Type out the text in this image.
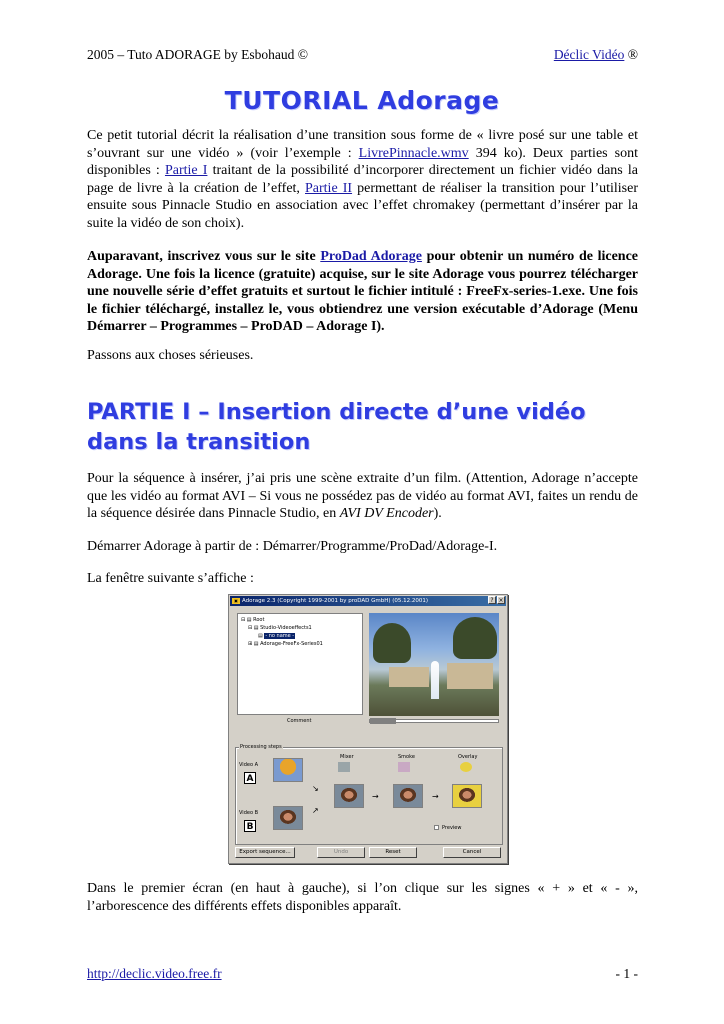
2005 – Tuto ADORAGE by Esbohaud ©	Déclic Vidéo ®
TUTORIAL Adorage
Ce petit tutorial décrit la réalisation d’une transition sous forme de « livre posé sur une table et s’ouvrant sur une vidéo » (voir l’exemple : LivrePinnacle.wmv 394 ko). Deux parties sont disponibles : Partie I traitant de la possibilité d’incorporer directement un fichier vidéo dans la page de livre à la création de l’effet, Partie II permettant de réaliser la transition pour l’utiliser ensuite sous Pinnacle Studio en association avec l’effet chromakey (permettant d’insérer par la suite la vidéo de son choix).
Auparavant, inscrivez vous sur le site ProDad Adorage pour obtenir un numéro de licence Adorage. Une fois la licence (gratuite) acquise, sur le site Adorage vous pourrez télécharger une nouvelle série d’effet gratuits et surtout le fichier intitulé : FreeFx-series-1.exe. Une fois le fichier téléchargé, installez le, vous obtiendrez une version exécutable d’Adorage (Menu Démarrer – Programmes – ProDAD – Adorage I).
Passons aux choses sérieuses.
PARTIE I – Insertion directe d’une vidéo dans la transition
Pour la séquence à insérer, j’ai pris une scène extraite d’un film. (Attention, Adorage n’accepte que les vidéo au format AVI – Si vous ne possédez pas de vidéo au format AVI, faites un rendu de la séquence désirée dans Pinnacle Studio, en AVI DV Encoder).
Démarrer Adorage à partir de : Démarrer/Programme/ProDad/Adorage-I.
La fenêtre suivante s’affiche :
▣ Adorage 2.3 (Copyright 1999-2001 by proDAD GmbH) (05.12.2001)	? ×
⊟ ▤ Root
⊟ ▤ Studio-Videoeffects1
▤ - no name -
⊞ ▤ Adorage-FreeFx-Series01
Comment
Processing steps
Video A
A
Video B
B
↘
↗
Mixer
→
Smoke
→
Overlay
Preview
Export sequence...	Undo	Reset	Cancel
Dans le premier écran (en haut à gauche), si l’on clique sur les signes « + » et « - », l’arborescence des différents effets disponibles apparaît.
http://declic.video.free.fr	- 1 -
